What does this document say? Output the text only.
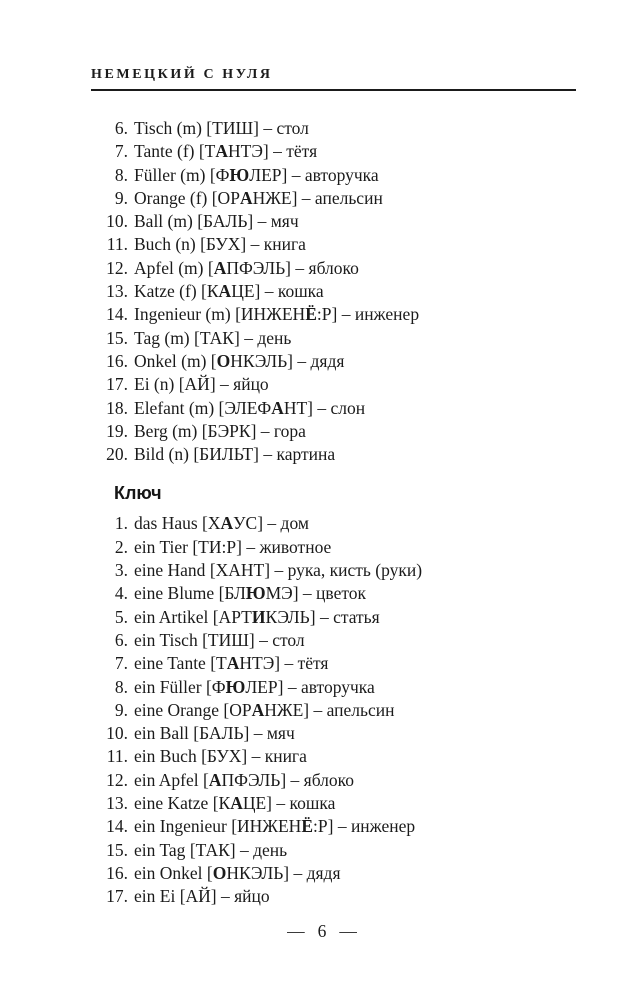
НЕМЕЦКИЙ С НУЛЯ
6. Tisch (m) [ТИШ] – стол
7. Tante (f) [ТАНТЭ] – тётя
8. Füller (m) [ФЮЛЕР] – авторучка
9. Orange (f) [ОРАНЖЕ] – апельсин
10. Ball (m) [БАЛЬ] – мяч
11. Buch (n) [БУХ] – книга
12. Apfel (m) [АПФЭЛЬ] – яблоко
13. Katze (f) [КАЦЕ] – кошка
14. Ingenieur (m) [ИНЖЕНЁ:Р] – инженер
15. Tag (m) [ТАК] – день
16. Onkel (m) [ОНКЭЛЬ] – дядя
17. Ei (n) [АЙ] – яйцо
18. Elefant (m) [ЭЛЕФАНТ] – слон
19. Berg (m) [БЭРК] – гора
20. Bild (n) [БИЛЬТ] – картина
Ключ
1. das Haus [ХАУС] – дом
2. ein Tier [ТИ:Р] – животное
3. eine Hand [ХАНТ] – рука, кисть (руки)
4. eine Blume [БЛЮМЭ] – цветок
5. ein Artikel [АРТИКЭЛЬ] – статья
6. ein Tisch [ТИШ] – стол
7. eine Tante [ТАНТЭ] – тётя
8. ein Füller [ФЮЛЕР] – авторучка
9. eine Orange [ОРАНЖЕ] – апельсин
10. ein Ball [БАЛЬ] – мяч
11. ein Buch [БУХ] – книга
12. ein Apfel [АПФЭЛЬ] – яблоко
13. eine Katze [КАЦЕ] – кошка
14. ein Ingenieur [ИНЖЕНЁ:Р] – инженер
15. ein Tag [ТАК] – день
16. ein Onkel [ОНКЭЛЬ] – дядя
17. ein Ei [АЙ] – яйцо
— 6 —
